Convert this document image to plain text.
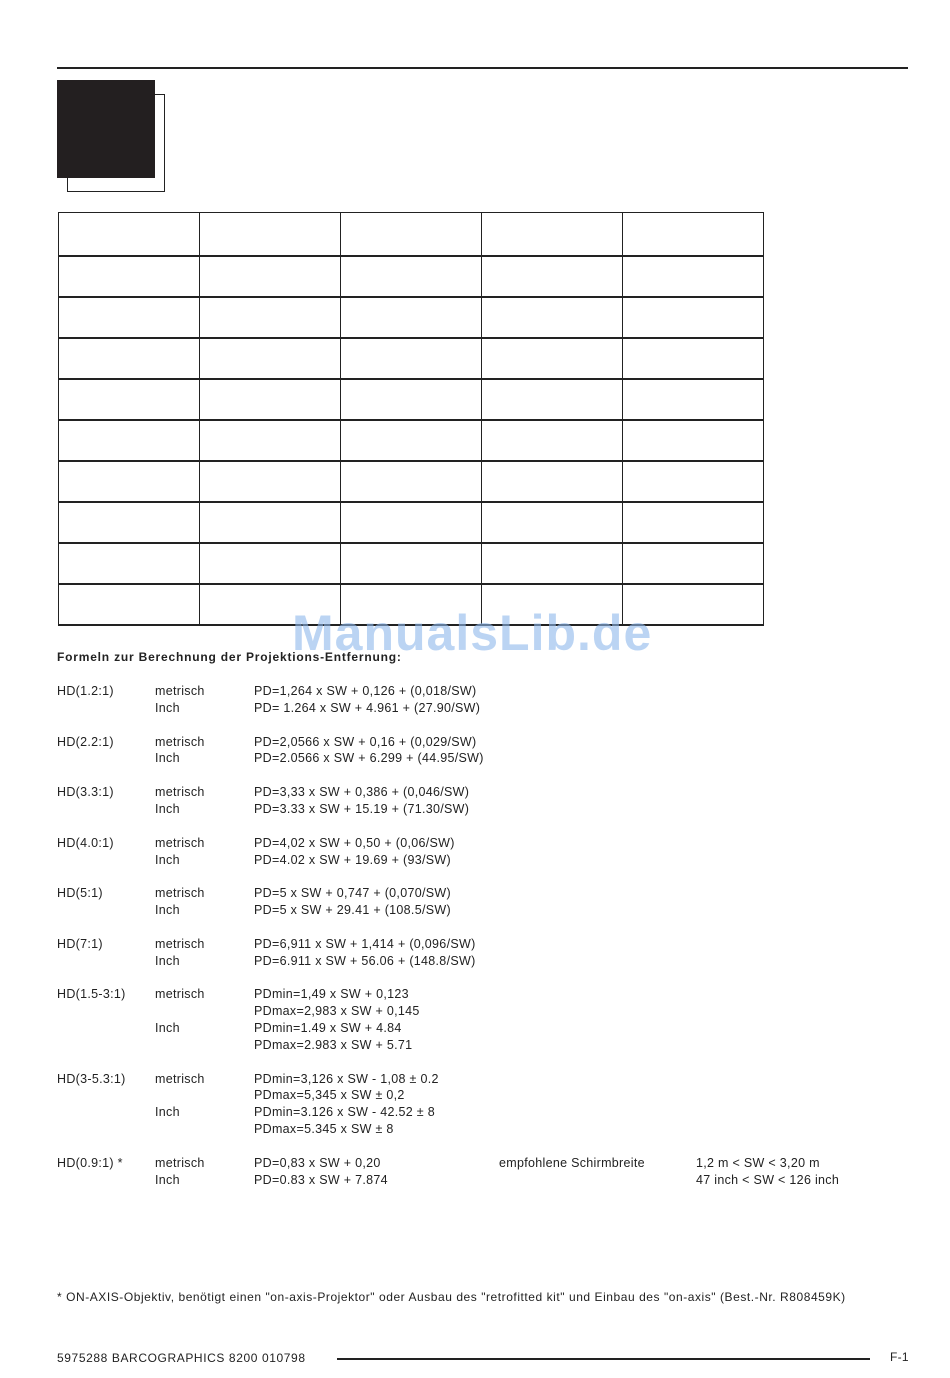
Formeln zur Berechnung der Projektions-Entfernung:
ManualsLib.de
HD(1.2:1)	metrisch	PD=1,264 x SW + 0,126 + (0,018/SW)
Inch	PD= 1.264 x SW + 4.961 + (27.90/SW)
HD(2.2:1)	metrisch	PD=2,0566 x SW + 0,16 + (0,029/SW)
Inch	PD=2.0566 x SW + 6.299 + (44.95/SW)
HD(3.3:1)	metrisch	PD=3,33 x SW + 0,386 + (0,046/SW)
Inch	PD=3.33 x SW + 15.19 + (71.30/SW)
HD(4.0:1)	metrisch	PD=4,02 x SW + 0,50 + (0,06/SW)
Inch	PD=4.02 x SW + 19.69 + (93/SW)
HD(5:1)	metrisch	PD=5 x SW + 0,747 + (0,070/SW)
Inch	PD=5 x SW + 29.41 + (108.5/SW)
HD(7:1)	metrisch	PD=6,911 x SW + 1,414 + (0,096/SW)
Inch	PD=6.911 x SW + 56.06 + (148.8/SW)
HD(1.5-3:1) metrisch	PDmin=1,49 x SW + 0,123
PDmax=2,983 x SW + 0,145
Inch	PDmin=1.49 x SW + 4.84
PDmax=2.983 x SW + 5.71
HD(3-5.3:1) metrisch	PDmin=3,126 x SW - 1,08 ± 0.2
PDmax=5,345 x SW ± 0,2
Inch	PDmin=3.126 x SW - 42.52 ± 8
PDmax=5.345 x SW ± 8
HD(0.9:1) *	metrisch	PD=0,83 x SW + 0,20	empfohlene Schirmbreite	1,2 m < SW < 3,20 m
Inch	PD=0.83 x SW + 7.874	47 inch < SW < 126 inch
* ON-AXIS-Objektiv, benötigt einen "on-axis-Projektor" oder Ausbau des "retrofitted kit" und Einbau des "on-axis" (Best.-Nr. R808459K)
5975288 BARCOGRAPHICS 8200 010798	F-1
